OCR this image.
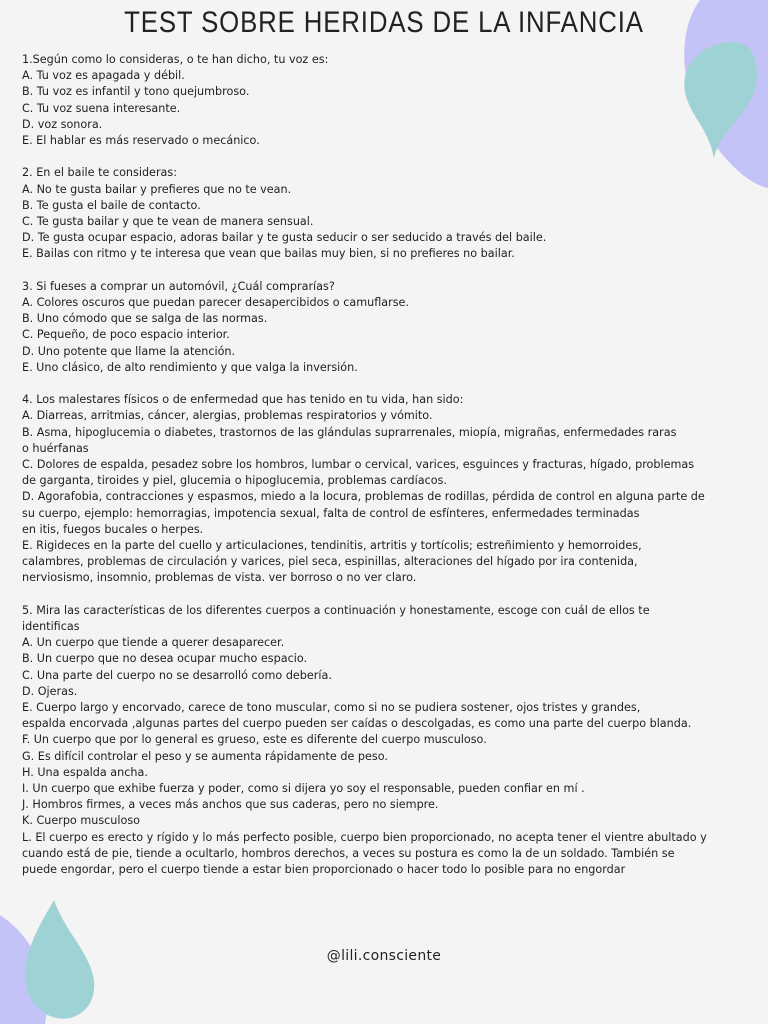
TEST SOBRE HERIDAS DE LA INFANCIA
1.Según como lo consideras, o te han dicho, tu voz es:
A. Tu voz es apagada y débil.
B. Tu voz es infantil y tono quejumbroso.
C. Tu voz suena interesante.
D. voz sonora.
E. El hablar es más reservado o mecánico.
2. En el baile te consideras:
A. No te gusta bailar y prefieres que no te vean.
B. Te gusta el baile de contacto.
C. Te gusta bailar y que te vean de manera sensual.
D. Te gusta ocupar espacio, adoras bailar y te gusta seducir o ser seducido a través del baile.
E. Bailas con ritmo y te interesa que vean que bailas muy bien, si no prefieres no bailar.
3. Si fueses a comprar un automóvil, ¿Cuál comprarías?
A. Colores oscuros que puedan parecer desapercibidos o camuflarse.
B. Uno cómodo que se salga de las normas.
C. Pequeño, de poco espacio interior.
D. Uno potente que llame la atención.
E. Uno clásico, de alto rendimiento y que valga la inversión.
4. Los malestares físicos o de enfermedad que has tenido en tu vida, han sido:
A. Diarreas, arritmias, cáncer, alergias, problemas respiratorios y vómito.
B. Asma, hipoglucemia o diabetes, trastornos de las glándulas suprarrenales, miopía, migrañas, enfermedades raras
o huérfanas
C. Dolores de espalda, pesadez sobre los hombros, lumbar o cervical, varices, esguinces y fracturas, hígado, problemas
de garganta, tiroides y piel, glucemia o hipoglucemia, problemas cardíacos.
D. Agorafobia, contracciones y espasmos, miedo a la locura, problemas de rodillas, pérdida de control en alguna parte de
su cuerpo, ejemplo: hemorragias, impotencia sexual, falta de control de esfínteres, enfermedades terminadas
en itis, fuegos bucales o herpes.
E. Rigideces en la parte del cuello y articulaciones, tendinitis, artritis y tortícolis; estreñimiento y hemorroides,
calambres, problemas de circulación y varices, piel seca, espinillas, alteraciones del hígado por ira contenida,
nerviosismo, insomnio, problemas de vista. ver borroso o no ver claro.
5. Mira las características de los diferentes cuerpos a continuación y honestamente, escoge con cuál de ellos te
identificas
A. Un cuerpo que tiende a querer desaparecer.
B. Un cuerpo que no desea ocupar mucho espacio.
C. Una parte del cuerpo no se desarrolló como debería.
D. Ojeras.
E. Cuerpo largo y encorvado, carece de tono muscular, como si no se pudiera sostener, ojos tristes y grandes,
espalda encorvada ,algunas partes del cuerpo pueden ser caídas o descolgadas, es como una parte del cuerpo blanda.
F. Un cuerpo que por lo general es grueso, este es diferente del cuerpo musculoso.
G. Es difícil controlar el peso y se aumenta rápidamente de peso.
H. Una espalda ancha.
I. Un cuerpo que exhibe fuerza y poder, como si dijera yo soy el responsable, pueden confiar en mí .
J. Hombros firmes, a veces más anchos que sus caderas, pero no siempre.
K. Cuerpo musculoso
L. El cuerpo es erecto y rígido y lo más perfecto posible, cuerpo bien proporcionado, no acepta tener el vientre abultado y
cuando está de pie, tiende a ocultarlo, hombros derechos, a veces su postura es como la de un soldado. También se
puede engordar, pero el cuerpo tiende a estar bien proporcionado o hacer todo lo posible para no engordar
@lili.consciente
